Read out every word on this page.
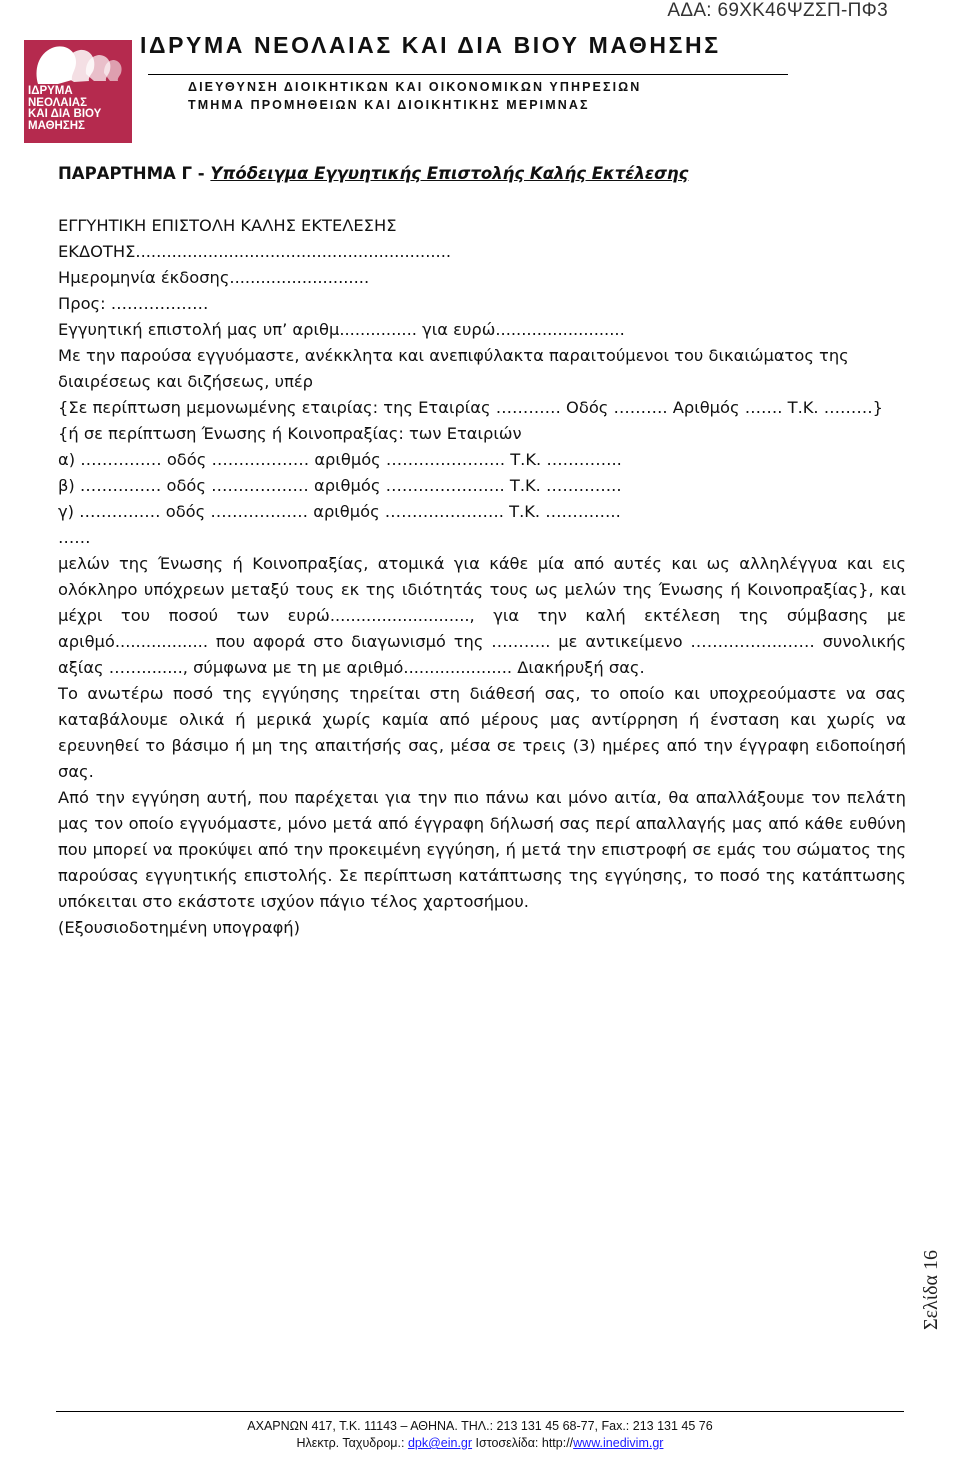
ΑΔΑ: 69ΧΚ46ΨΖΣΠ-ΠΦ3
ΙΔΡΥΜΑ
ΝΕΟΛΑΙΑΣ
ΚΑΙ ΔΙΑ ΒΙΟΥ
ΜΑΘΗΣΗΣ
ΙΔΡΥΜΑ ΝΕΟΛΑΙΑΣ ΚΑΙ ΔΙΑ ΒΙΟΥ ΜΑΘΗΣΗΣ
ΔΙΕΥΘΥΝΣΗ ΔΙΟΙΚΗΤΙΚΩΝ ΚΑΙ ΟΙΚΟΝΟΜΙΚΩΝ ΥΠΗΡΕΣΙΩΝ
ΤΜΗΜΑ ΠΡΟΜΗΘΕΙΩΝ ΚΑΙ ΔΙΟΙΚΗΤΙΚΗΣ ΜΕΡΙΜΝΑΣ
ΠΑΡΑΡΤΗΜΑ Γ - Υπόδειγμα Εγγυητικής Επιστολής Καλής Εκτέλεσης
ΕΓΓΥΗΤΙΚΗ ΕΠΙΣΤΟΛΗ ΚΑΛΗΣ ΕΚΤΕΛΕΣΗΣ
ΕΚΔΟΤΗΣ.............................................................
Ημερομηνία έκδοσης...........................
Προς: ………………
Εγγυητική επιστολή μας υπ’ αριθμ............... για ευρώ.........................
Με την παρούσα εγγυόμαστε, ανέκκλητα και ανεπιφύλακτα παραιτούμενοι του δικαιώματος της
διαιρέσεως και διζήσεως, υπέρ
{Σε περίπτωση μεμονωμένης εταιρίας: της Εταιρίας ………… Οδός ………. Αριθμός ……. Τ.Κ. ………}
{ή σε περίπτωση Ένωσης ή Κοινοπραξίας: των Εταιριών
α) …………… οδός ……………… αριθμός …………………. Τ.Κ. …………..
β) …………… οδός ……………… αριθμός …………………. Τ.Κ. …………..
γ) …………… οδός ……………… αριθμός …………………. Τ.Κ. …………..
……
μελών της Ένωσης ή Κοινοπραξίας, ατομικά για κάθε μία από αυτές και ως αλληλέγγυα και εις ολόκληρο υπόχρεων μεταξύ τους εκ της ιδιότητάς τους ως μελών της Ένωσης ή Κοινοπραξίας}, και μέχρι του ποσού των ευρώ..........................., για την καλή εκτέλεση της σύμβασης με αριθμό.................. που αφορά στο διαγωνισμό της ……….. με αντικείμενο ……………..…… συνολικής αξίας ……........, σύμφωνα με τη με αριθμό..................... Διακήρυξή σας.
Το ανωτέρω ποσό της εγγύησης τηρείται στη διάθεσή σας, το οποίο και υποχρεούμαστε να σας καταβάλουμε ολικά ή μερικά χωρίς καμία από μέρους μας αντίρρηση ή ένσταση και χωρίς να ερευνηθεί το βάσιμο ή μη της απαιτήσής σας, μέσα σε τρεις (3) ημέρες από την έγγραφη ειδοποίησή σας.
Από την εγγύηση αυτή, που παρέχεται για την πιο πάνω και μόνο αιτία, θα απαλλάξουμε τον πελάτη μας τον οποίο εγγυόμαστε, μόνο μετά από έγγραφη δήλωσή σας περί απαλλαγής μας από κάθε ευθύνη που μπορεί να προκύψει από την προκειμένη εγγύηση, ή μετά την επιστροφή σε εμάς του σώματος της παρούσας εγγυητικής επιστολής. Σε περίπτωση κατάπτωσης της εγγύησης, το ποσό της κατάπτωσης υπόκειται στο εκάστοτε ισχύον πάγιο τέλος χαρτοσήμου.
(Εξουσιοδοτημένη υπογραφή)
Σελίδα 16
ΑΧΑΡΝΩΝ 417, Τ.Κ. 11143 – ΑΘΗΝΑ. ΤΗΛ.: 213 131 45 68-77, Fax.: 213 131 45 76
Ηλεκτρ. Ταχυδρομ.: dpk@ein.gr Ιστοσελίδα: http://www.inedivim.gr
